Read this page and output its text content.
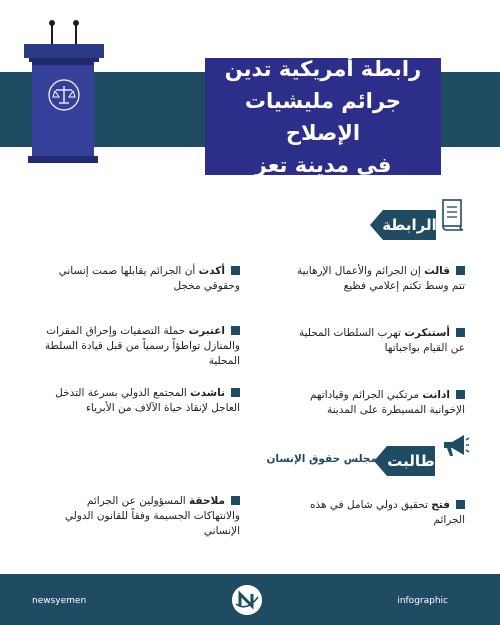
رابطة أمريكية تدين
جرائم مليشيات الإصلاح
في مدينة تعز
الرابطة
قالت إن الجرائم والأعمال الإرهابية تتم وسط تكتم إعلامي فظيع
أستنكرت تهرب السلطات المحلية عن القيام بواجباتها
ادانت مرتكبي الجرائم وقياداتهم الإخوانية المسيطرة على المدينة
أكدت أن الجرائم يقابلها صمت إنساني وحقوقي مخجل
اعتبرت حملة التصفيات وإحراق المقرات والمنازل تواطؤاً رسمياً من قبل قيادة السلطة المحلية
ناشدت المجتمع الدولي بسرعة التدخل العاجل لإنقاذ حياة الآلاف من الأبرياء
طالبت
مجلس حقوق الإنسان
فتح تحقيق دولي شامل في هذه الجرائم
ملاحقة المسؤولين عن الجرائم والانتهاكات الجسيمة وفقاً للقانون الدولي الإنساني
newsyemen	infographic
